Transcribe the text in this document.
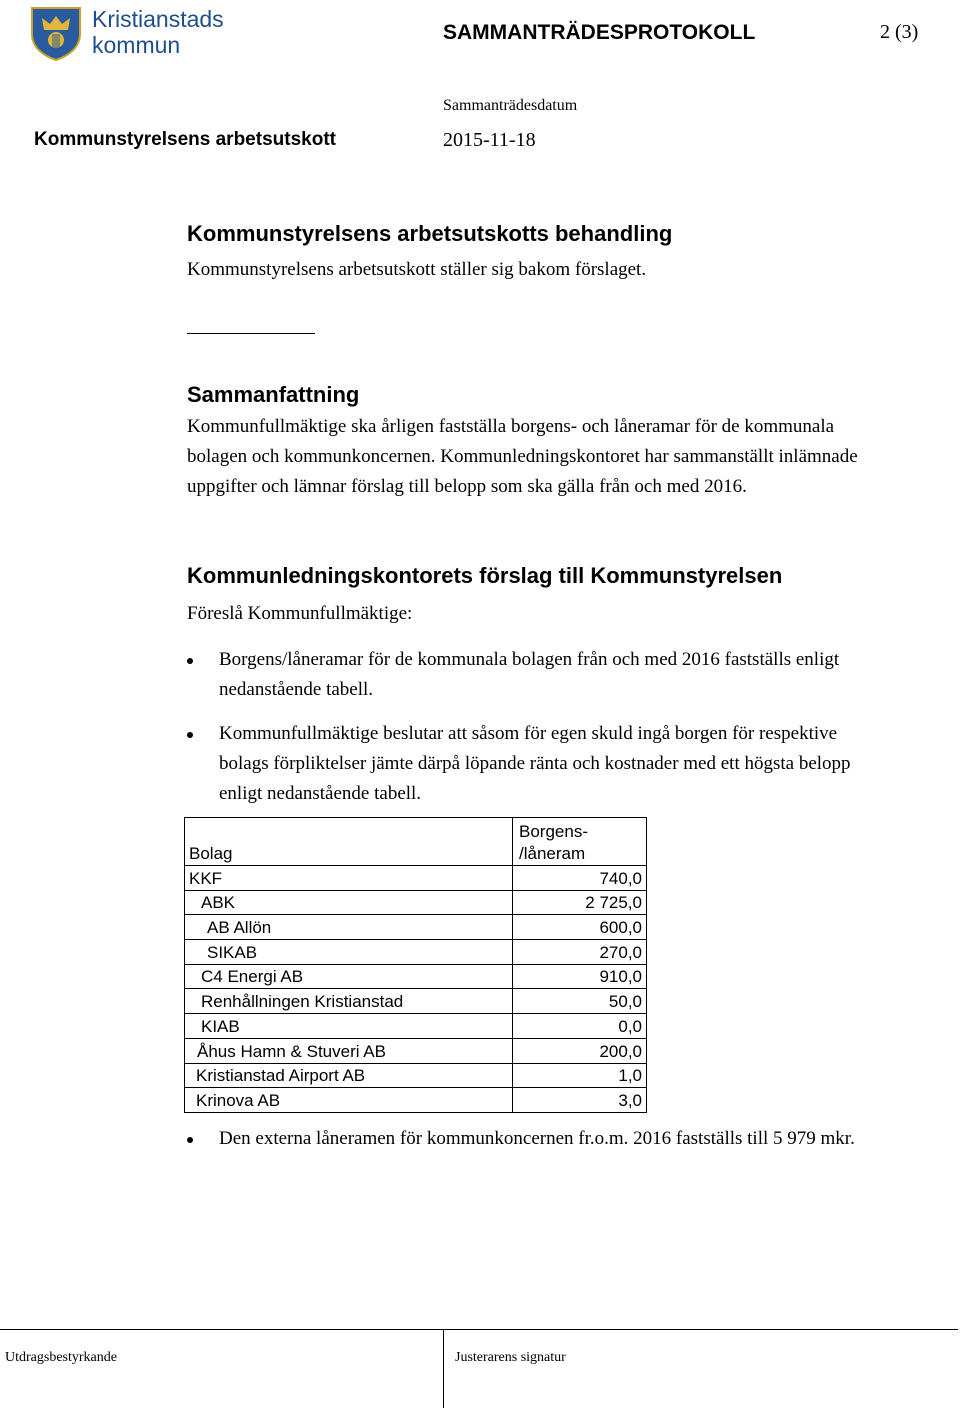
Kristianstads
kommun	SAMMANTRÄDESPROTOKOLL	2 (3)
Sammanträdesdatum
Kommunstyrelsens arbetsutskott	2015-11-18
Kommunstyrelsens arbetsutskotts behandling
Kommunstyrelsens arbetsutskott ställer sig bakom förslaget.
Sammanfattning
Kommunfullmäktige ska årligen fastställa borgens- och låneramar för de kommunala bolagen och kommunkoncernen. Kommunledningskontoret har sammanställt inlämnade uppgifter och lämnar förslag till belopp som ska gälla från och med 2016.
Kommunledningskontorets förslag till Kommunstyrelsen
Föreslå Kommunfullmäktige:
Borgens/låneramar för de kommunala bolagen från och med 2016 fastställs enligt nedanstående tabell.
Kommunfullmäktige beslutar att såsom för egen skuld ingå borgen för respektive bolags förpliktelser jämte därpå löpande ränta och kostnader med ett högsta belopp enligt nedanstående tabell.
Bolag	Borgens-
/låneram

KKF	740,0
ABK	2 725,0
AB Allön	600,0
SIKAB	270,0
C4 Energi AB	910,0
Renhållningen Kristianstad	50,0
KIAB	0,0
Åhus Hamn & Stuveri AB	200,0
Kristianstad Airport AB	1,0
Krinova AB	3,0
Den externa låneramen för kommunkoncernen fr.o.m. 2016 fastställs till 5 979 mkr.
Utdragsbestyrkande	Justerarens signatur
